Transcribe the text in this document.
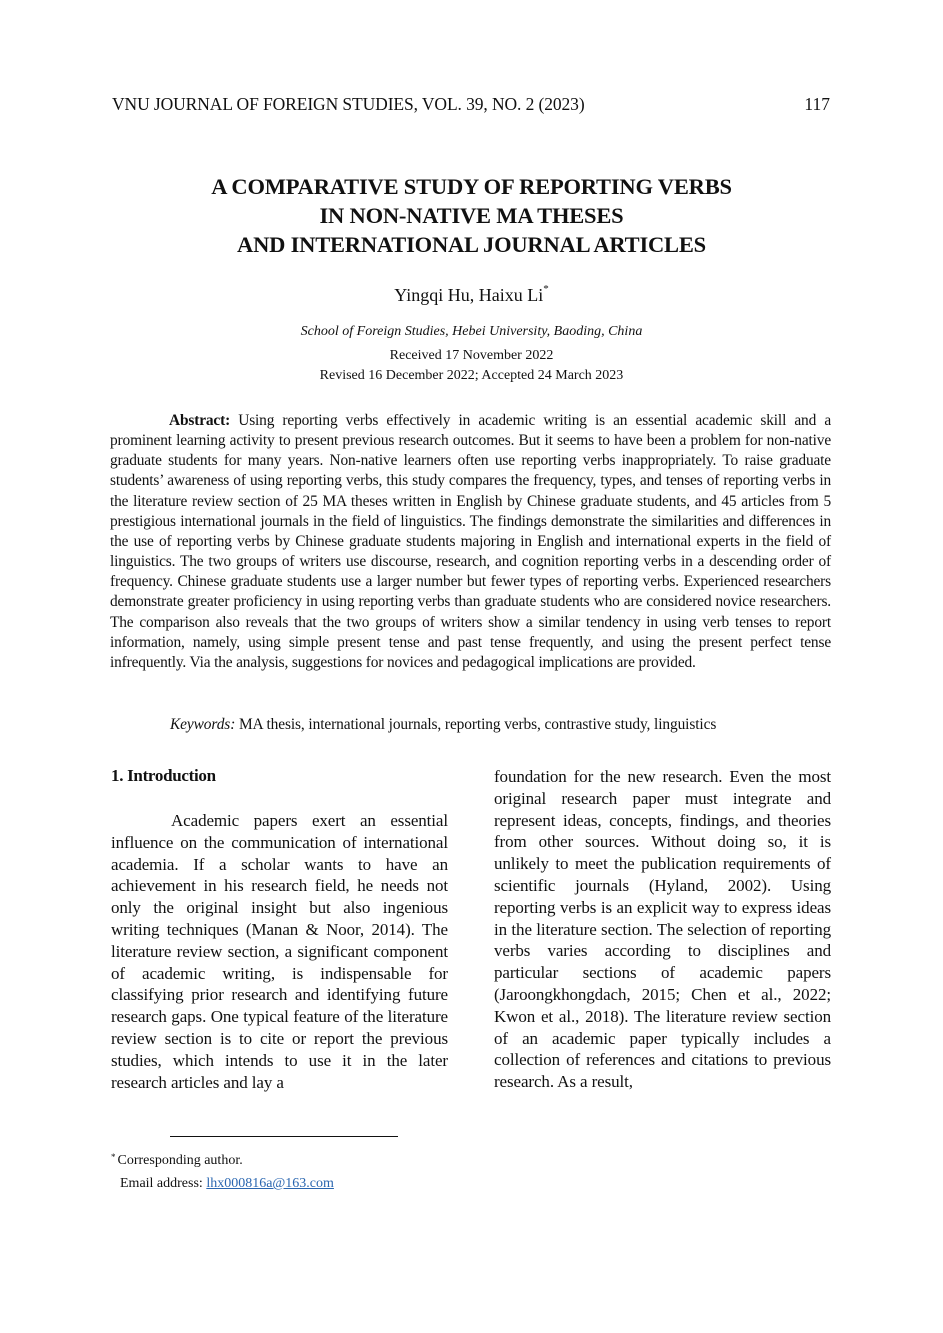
VNU JOURNAL OF FOREIGN STUDIES, VOL. 39, NO. 2 (2023)	117
A COMPARATIVE STUDY OF REPORTING VERBS
IN NON-NATIVE MA THESES
AND INTERNATIONAL JOURNAL ARTICLES
Yingqi Hu, Haixu Li*
School of Foreign Studies, Hebei University, Baoding, China
Received 17 November 2022
Revised 16 December 2022; Accepted 24 March 2023
Abstract: Using reporting verbs effectively in academic writing is an essential academic skill and a prominent learning activity to present previous research outcomes. But it seems to have been a problem for non-native graduate students for many years. Non-native learners often use reporting verbs inappropriately. To raise graduate students’ awareness of using reporting verbs, this study compares the frequency, types, and tenses of reporting verbs in the literature review section of 25 MA theses written in English by Chinese graduate students, and 45 articles from 5 prestigious international journals in the field of linguistics. The findings demonstrate the similarities and differences in the use of reporting verbs by Chinese graduate students majoring in English and international experts in the field of linguistics. The two groups of writers use discourse, research, and cognition reporting verbs in a descending order of frequency. Chinese graduate students use a larger number but fewer types of reporting verbs. Experienced researchers demonstrate greater proficiency in using reporting verbs than graduate students who are considered novice researchers. The comparison also reveals that the two groups of writers show a similar tendency in using verb tenses to report information, namely, using simple present tense and past tense frequently, and using the present perfect tense infrequently. Via the analysis, suggestions for novices and pedagogical implications are provided.
Keywords: MA thesis, international journals, reporting verbs, contrastive study, linguistics
1. Introduction

Academic papers exert an essential influence on the communication of international academia. If a scholar wants to have an achievement in his research field, he needs not only the original insight but also ingenious writing techniques (Manan & Noor, 2014). The literature review section, a significant component of academic writing, is indispensable for classifying prior research and identifying future research gaps. One typical feature of the literature review section is to cite or report the previous studies, which intends to use it in the later research articles and lay a

foundation for the new research. Even the most original research paper must integrate and represent ideas, concepts, findings, and theories from other sources. Without doing so, it is unlikely to meet the publication requirements of scientific journals (Hyland, 2002). Using reporting verbs is an explicit way to express ideas in the literature section. The selection of reporting verbs varies according to disciplines and particular sections of academic papers (Jaroongkhongdach, 2015; Chen et al., 2022; Kwon et al., 2018). The literature review section of an academic paper typically includes a collection of references and citations to previous research. As a result,

* Corresponding author.
Email address: lhx000816a@163.com
